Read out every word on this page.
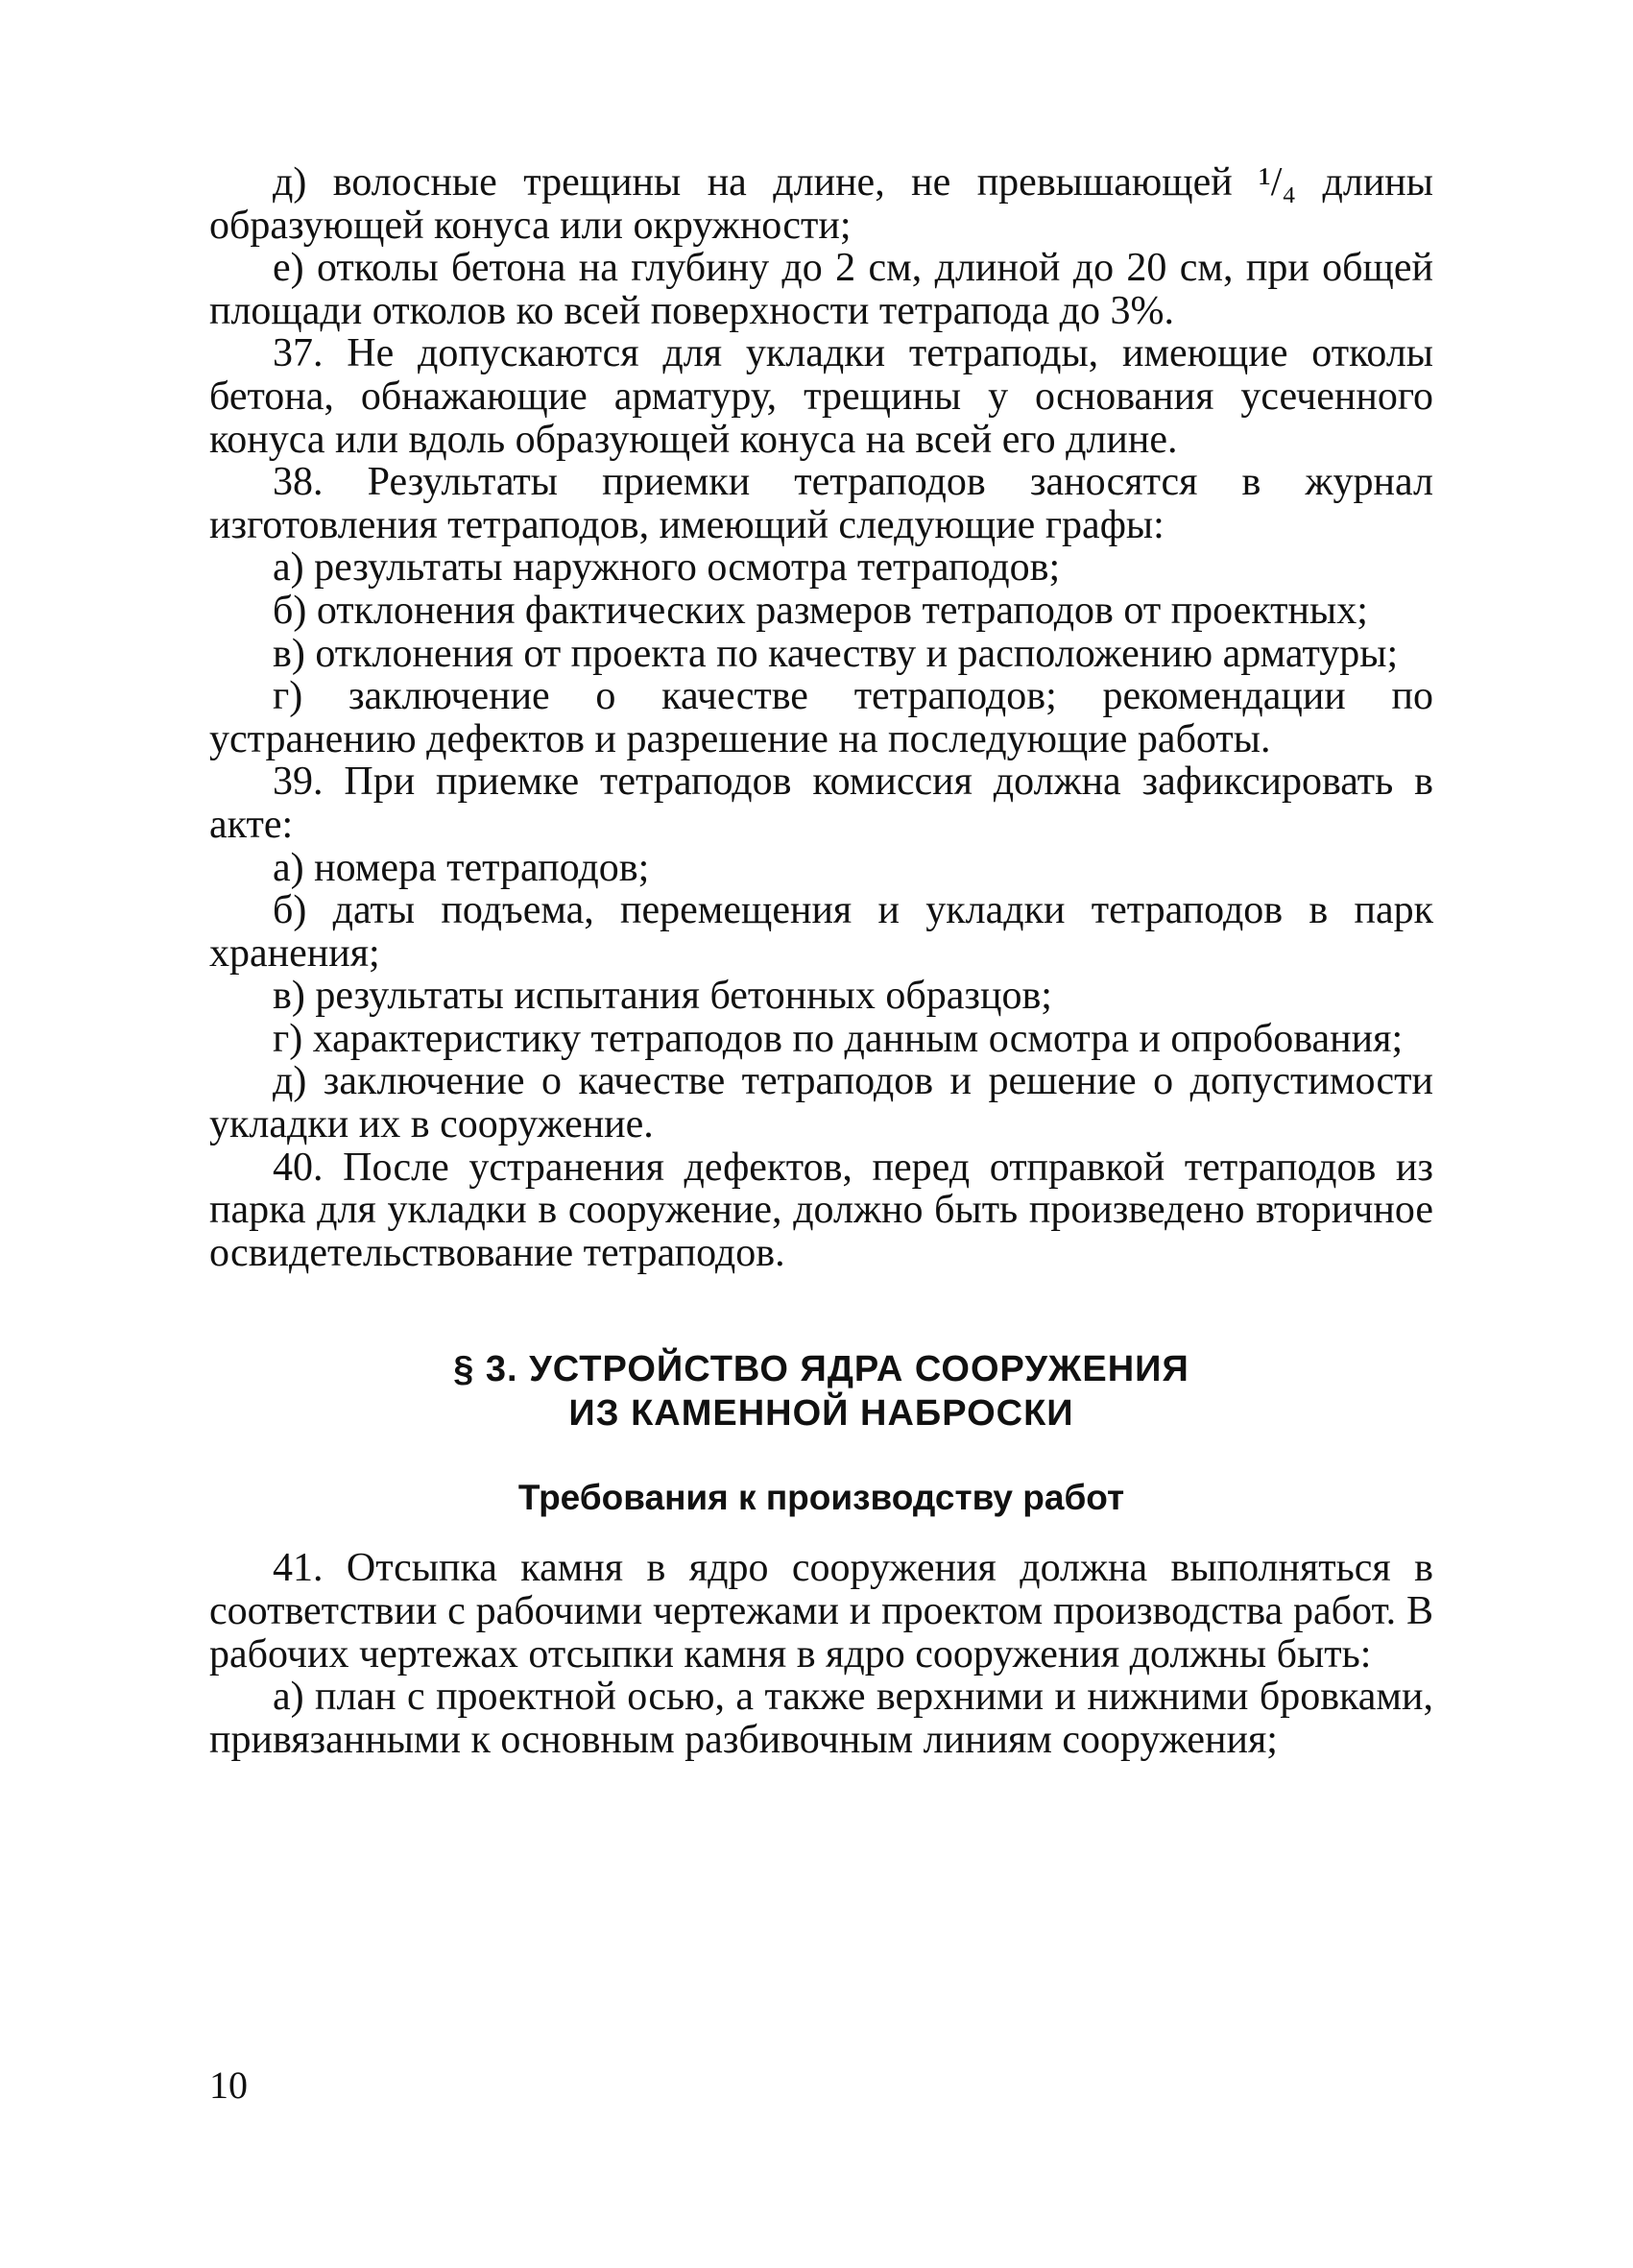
д) волосные трещины на длине, не превышающей ¹/₄ длины образующей конуса или окружности;

е) отколы бетона на глубину до 2 см, длиной до 20 см, при общей площади отколов ко всей поверхности тетрапода до 3%.

37. Не допускаются для укладки тетраподы, имеющие отколы бетона, обнажающие арматуру, трещины у основания усеченного конуса или вдоль образующей конуса на всей его длине.

38. Результаты приемки тетраподов заносятся в журнал изготовления тетраподов, имеющий следующие графы:

а) результаты наружного осмотра тетраподов;

б) отклонения фактических размеров тетраподов от проектных;

в) отклонения от проекта по качеству и расположению арматуры;

г) заключение о качестве тетраподов; рекомендации по устранению дефектов и разрешение на последующие работы.

39. При приемке тетраподов комиссия должна зафиксировать в акте:

а) номера тетраподов;

б) даты подъема, перемещения и укладки тетраподов в парк хранения;

в) результаты испытания бетонных образцов;

г) характеристику тетраподов по данным осмотра и опробования;

д) заключение о качестве тетраподов и решение о допустимости укладки их в сооружение.

40. После устранения дефектов, перед отправкой тетраподов из парка для укладки в сооружение, должно быть произведено вторичное освидетельствование тетраподов.

§ 3. УСТРОЙСТВО ЯДРА СООРУЖЕНИЯ
ИЗ КАМЕННОЙ НАБРОСКИ
Требования к производству работ

41. Отсыпка камня в ядро сооружения должна выполняться в соответствии с рабочими чертежами и проектом производства работ. В рабочих чертежах отсыпки камня в ядро сооружения должны быть:

а) план с проектной осью, а также верхними и нижними бровками, привязанными к основным разбивочным линиям сооружения;

10
